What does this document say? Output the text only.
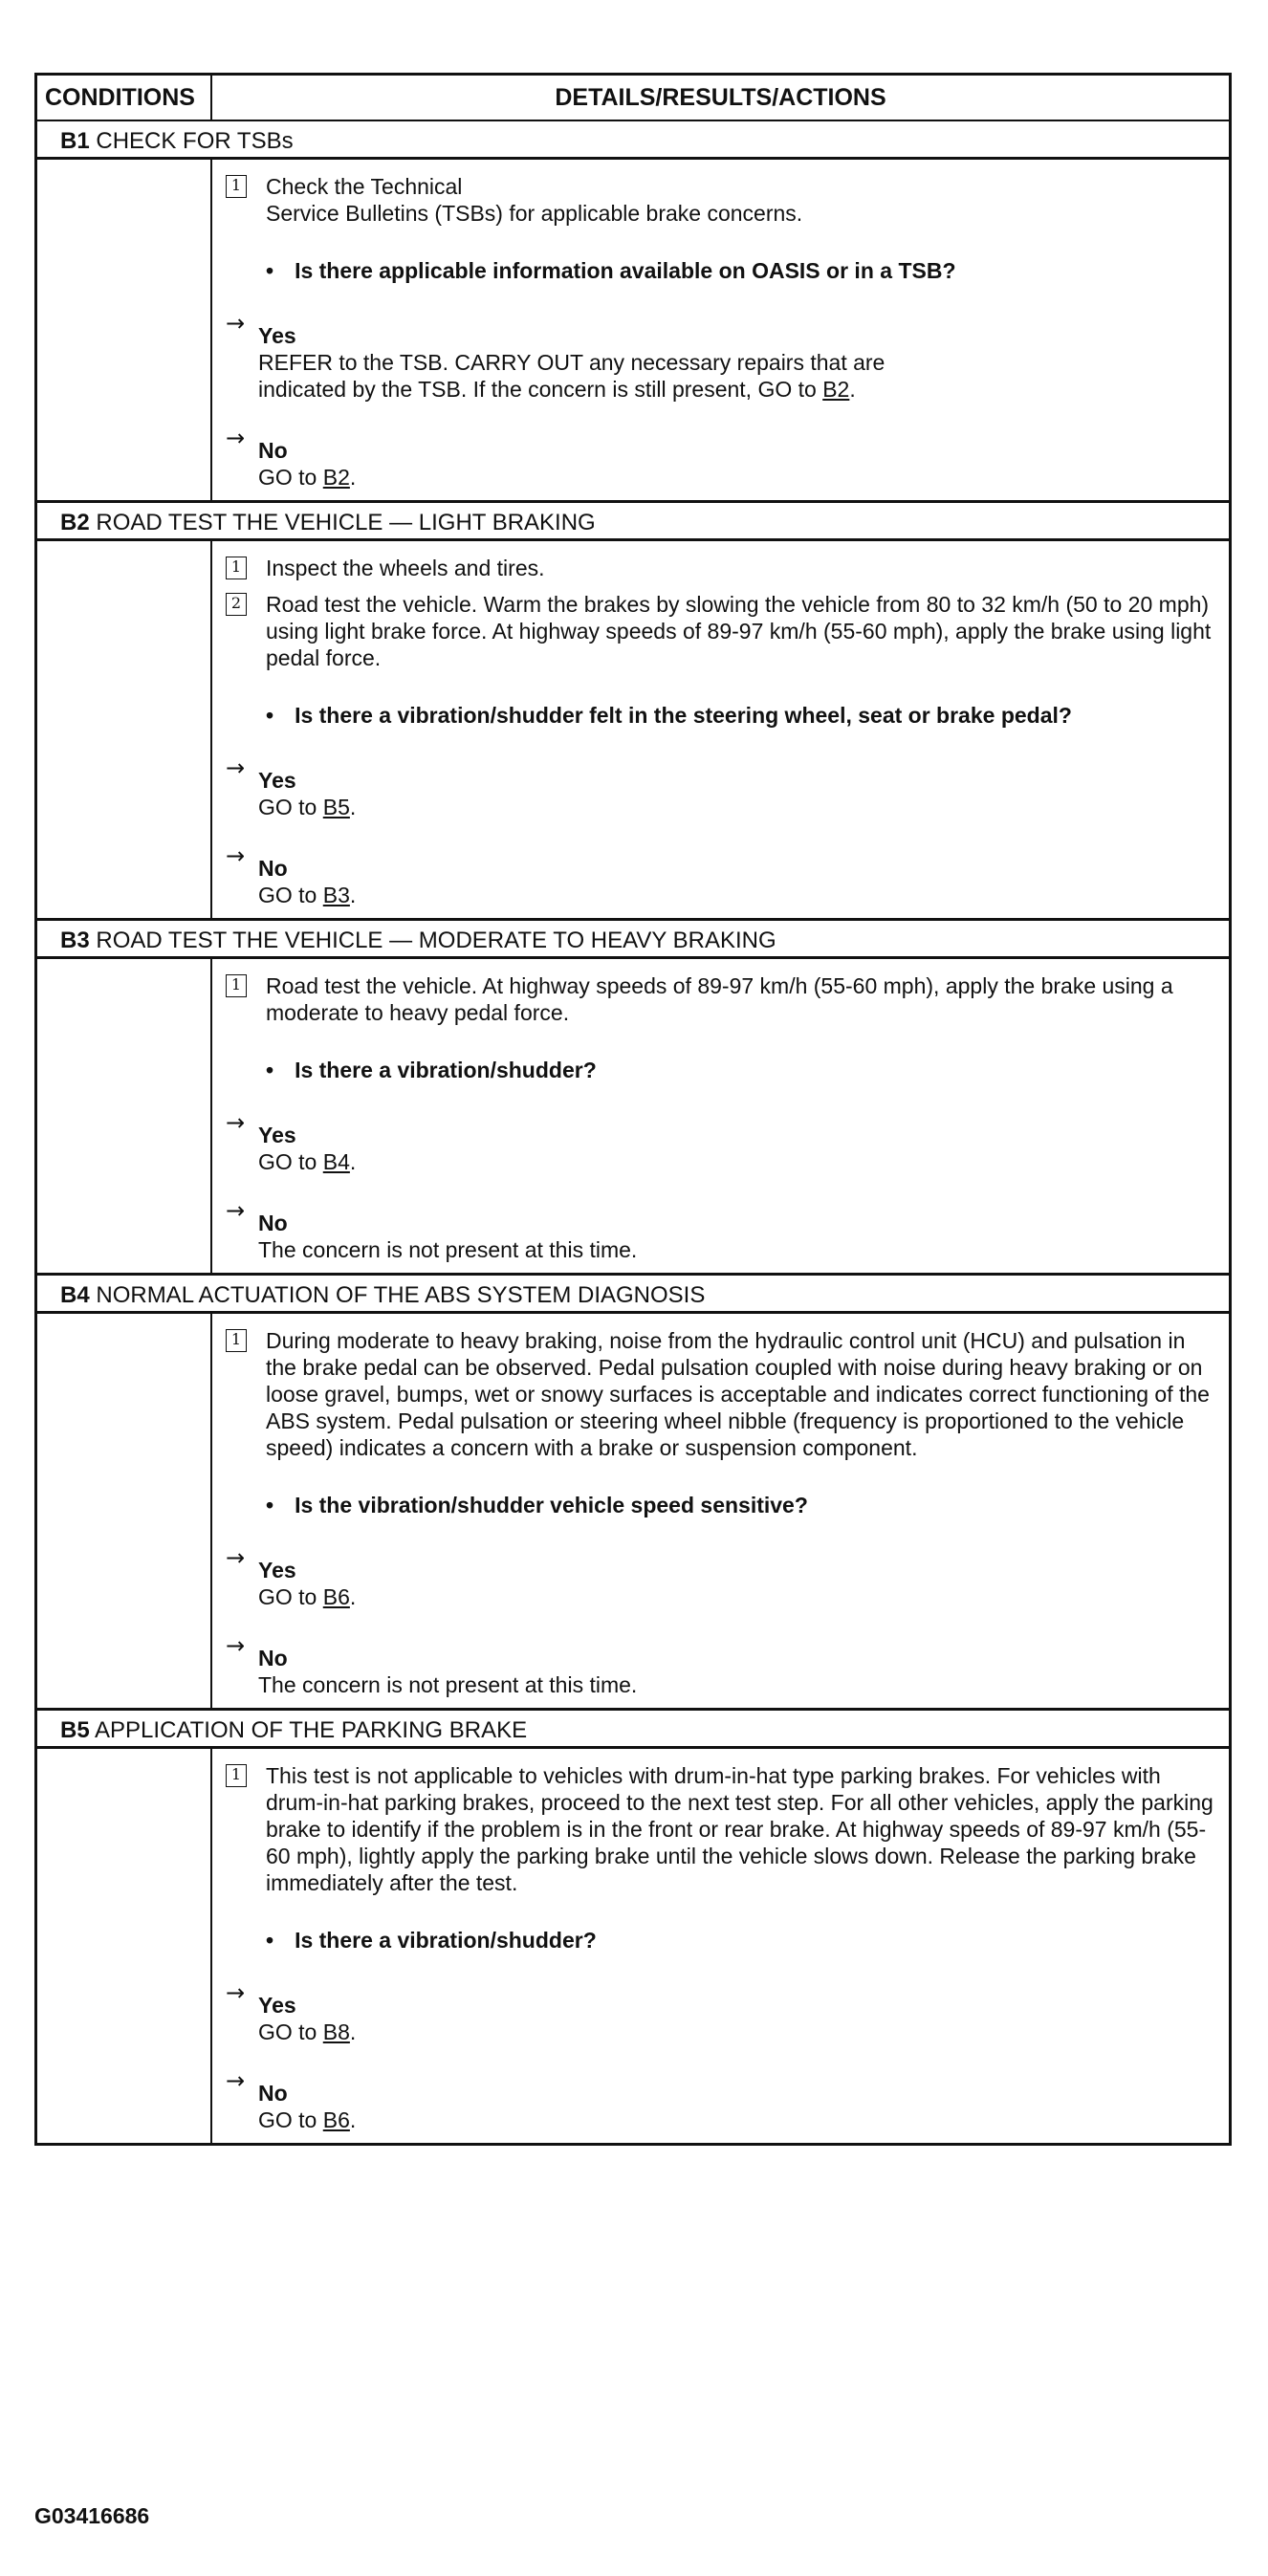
CONDITIONS	DETAILS/RESULTS/ACTIONS
B1 CHECK FOR TSBs
1 Check the Technical
Service Bulletins (TSBs) for applicable brake concerns.
• Is there applicable information available on OASIS or in a TSB?
→ Yes
REFER to the TSB. CARRY OUT any necessary repairs that are
indicated by the TSB. If the concern is still present, GO to B2.
→ No
GO to B2.
B2 ROAD TEST THE VEHICLE — LIGHT BRAKING
1 Inspect the wheels and tires.
2 Road test the vehicle. Warm the brakes by slowing the vehicle from 80 to 32 km/h (50 to 20 mph) using light brake force. At highway speeds of 89-97 km/h (55-60 mph), apply the brake using light pedal force.
• Is there a vibration/shudder felt in the steering wheel, seat or brake pedal?
→ Yes
GO to B5.
→ No
GO to B3.
B3 ROAD TEST THE VEHICLE — MODERATE TO HEAVY BRAKING
1 Road test the vehicle. At highway speeds of 89-97 km/h (55-60 mph), apply the brake using a moderate to heavy pedal force.
• Is there a vibration/shudder?
→ Yes
GO to B4.
→ No
The concern is not present at this time.
B4 NORMAL ACTUATION OF THE ABS SYSTEM DIAGNOSIS
1 During moderate to heavy braking, noise from the hydraulic control unit (HCU) and pulsation in the brake pedal can be observed. Pedal pulsation coupled with noise during heavy braking or on loose gravel, bumps, wet or snowy surfaces is acceptable and indicates correct functioning of the ABS system. Pedal pulsation or steering wheel nibble (frequency is proportioned to the vehicle speed) indicates a concern with a brake or suspension component.
• Is the vibration/shudder vehicle speed sensitive?
→ Yes
GO to B6.
→ No
The concern is not present at this time.
B5 APPLICATION OF THE PARKING BRAKE
1 This test is not applicable to vehicles with drum-in-hat type parking brakes. For vehicles with drum-in-hat parking brakes, proceed to the next test step. For all other vehicles, apply the parking brake to identify if the problem is in the front or rear brake. At highway speeds of 89-97 km/h (55-60 mph), lightly apply the parking brake until the vehicle slows down. Release the parking brake immediately after the test.
• Is there a vibration/shudder?
→ Yes
GO to B8.
→ No
GO to B6.
G03416686
